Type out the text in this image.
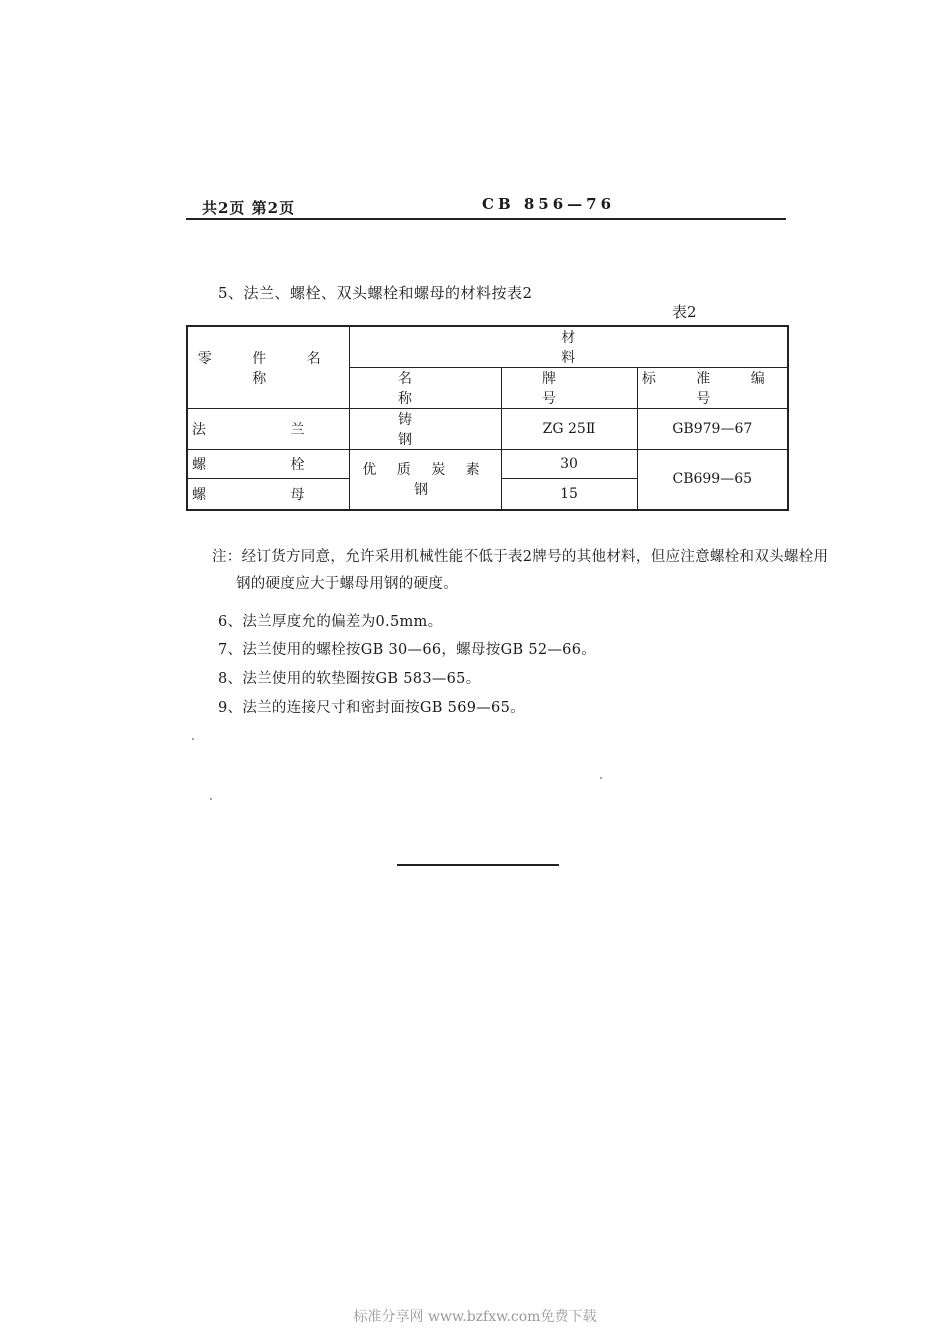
共2页 第2页	CB 856—76
5、法兰、螺栓、双头螺栓和螺母的材料按表2
表2
零 件 名 称	材 料		
	名 称	牌 号	标 准 编 号
法 兰	铸 钢	ZG 25Ⅱ	GB979—67
螺 栓	优 质 炭 素 钢	30	CB699—65
螺 母		15	
注：经订货方同意，允许采用机械性能不低于表2牌号的其他材料，但应注意螺栓和双头螺栓用
钢的硬度应大于螺母用钢的硬度。
6、法兰厚度允的偏差为0.5mm。
7、法兰使用的螺栓按GB 30—66，螺母按GB 52—66。
8、法兰使用的软垫圈按GB 583—65。
9、法兰的连接尺寸和密封面按GB 569—65。
标准分享网 www.bzfxw.com免费下载
